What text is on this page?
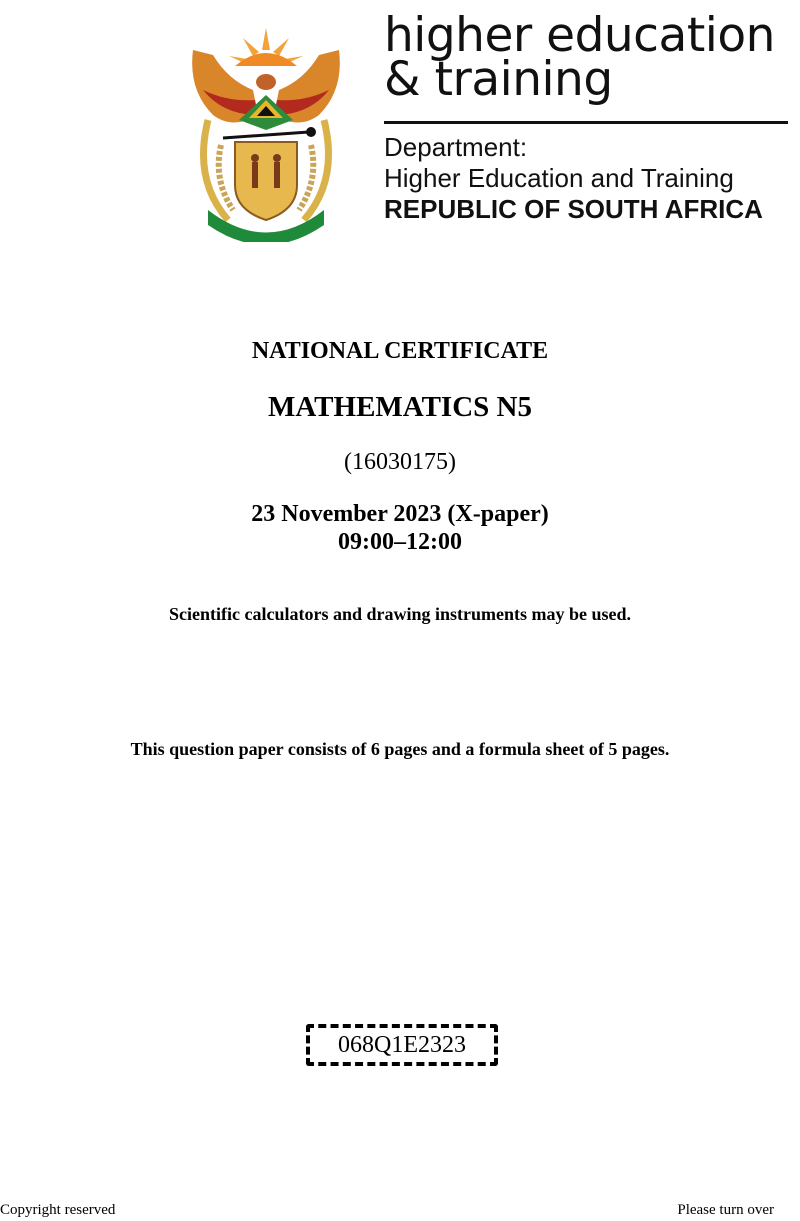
higher education
& training
Department:
Higher Education and Training
REPUBLIC OF SOUTH AFRICA
NATIONAL CERTIFICATE
MATHEMATICS N5
(16030175)
23 November 2023 (X-paper)
09:00–12:00
Scientific calculators and drawing instruments may be used.
This question paper consists of 6 pages and a formula sheet of 5 pages.
068Q1E2323
Copyright reserved	Please turn over
